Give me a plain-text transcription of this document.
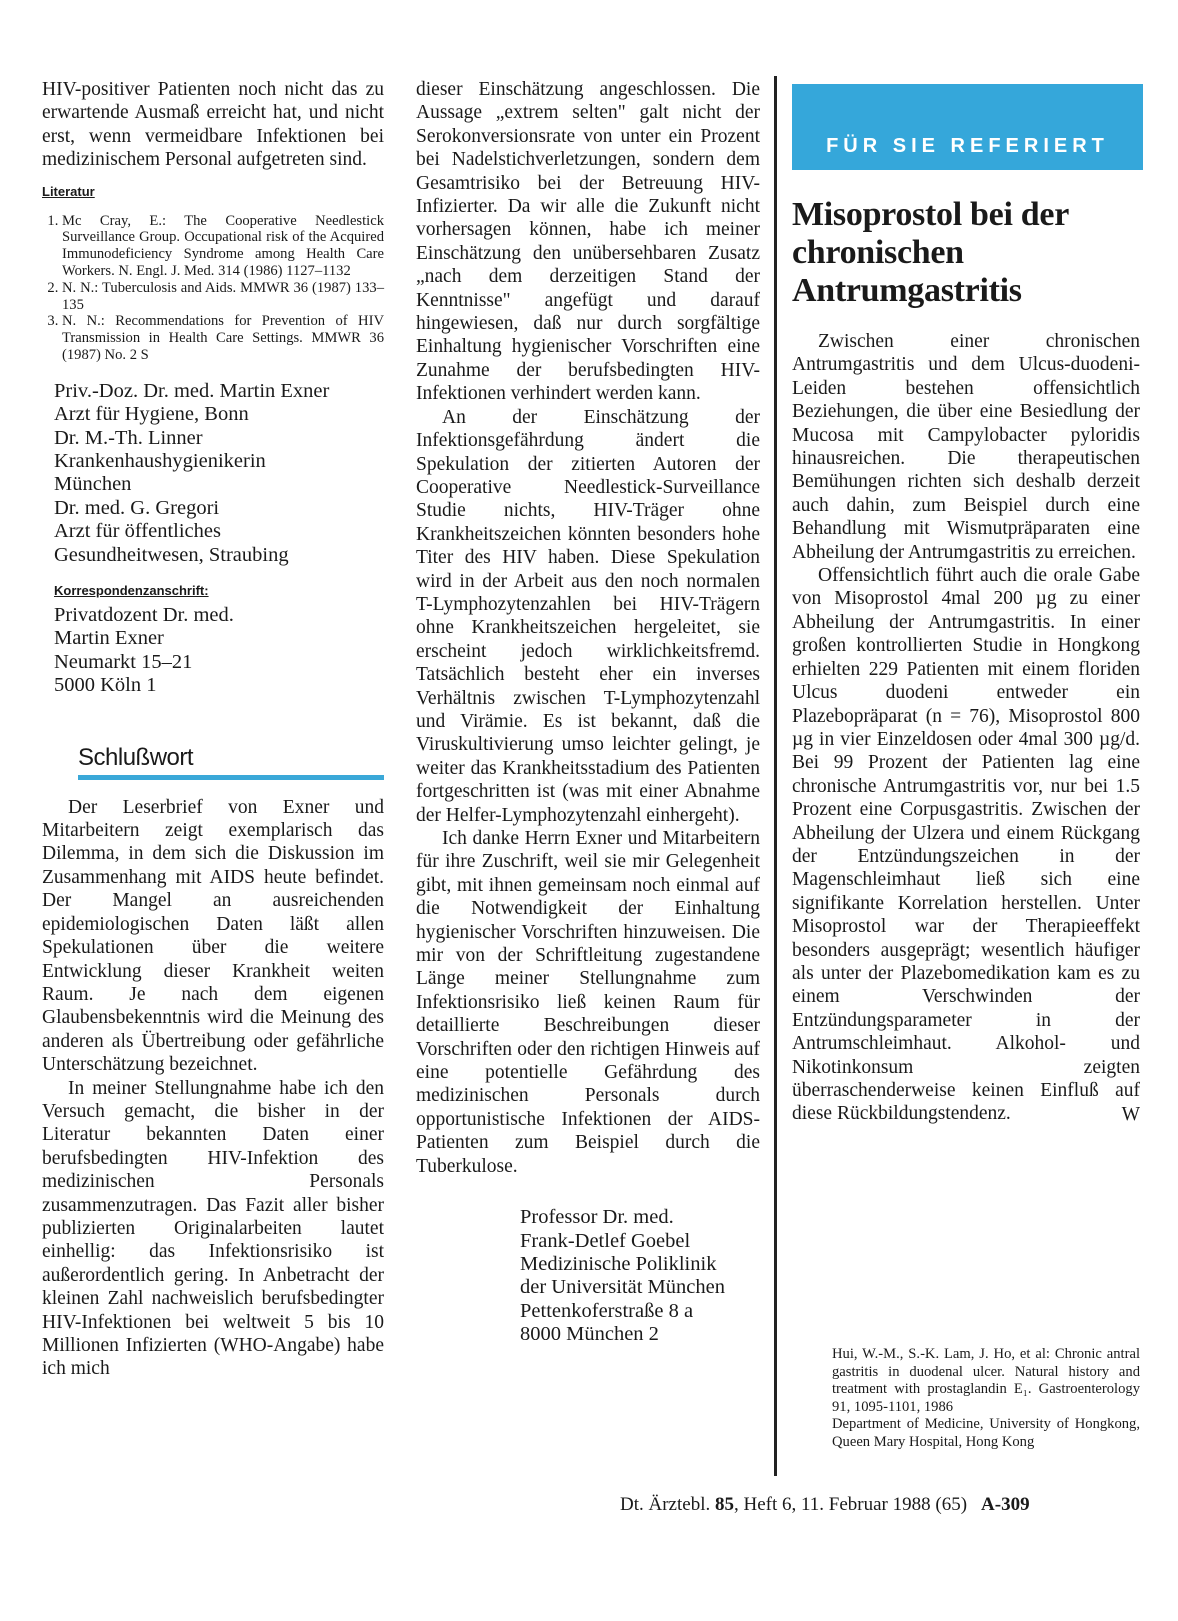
HIV-positiver Patienten noch nicht das zu erwartende Ausmaß erreicht hat, und nicht erst, wenn vermeidbare Infektionen bei medizinischem Personal aufgetreten sind.

Literatur
1. Mc Cray, E.: The Cooperative Needlestick Surveillance Group. Occupational risk of the Acquired Immunodeficiency Syndrome among Health Care Workers. N. Engl. J. Med. 314 (1986) 1127–1132
2. N. N.: Tuberculosis and Aids. MMWR 36 (1987) 133–135
3. N. N.: Recommendations for Prevention of HIV Transmission in Health Care Settings. MMWR 36 (1987) No. 2 S
Priv.-Doz. Dr. med. Martin Exner
Arzt für Hygiene, Bonn
Dr. M.-Th. Linner
Krankenhaushygienikerin
München
Dr. med. G. Gregori
Arzt für öffentliches
Gesundheitwesen, Straubing
Korrespondenzanschrift:
Privatdozent Dr. med.
Martin Exner
Neumarkt 15–21
5000 Köln 1
Schlußwort

Der Leserbrief von Exner und Mitarbeitern zeigt exemplarisch das Dilemma, in dem sich die Diskussion im Zusammenhang mit AIDS heute befindet. Der Mangel an ausreichenden epidemiologischen Daten läßt allen Spekulationen über die weitere Entwicklung dieser Krankheit weiten Raum. Je nach dem eigenen Glaubensbekenntnis wird die Meinung des anderen als Übertreibung oder gefährliche Unterschätzung bezeichnet.

In meiner Stellungnahme habe ich den Versuch gemacht, die bisher in der Literatur bekannten Daten einer berufsbedingten HIV-Infektion des medizinischen Personals zusammenzutragen. Das Fazit aller bisher publizierten Originalarbeiten lautet einhellig: das Infektionsrisiko ist außerordentlich gering. In Anbetracht der kleinen Zahl nachweislich berufsbedingter HIV-Infektionen bei weltweit 5 bis 10 Millionen Infizierten (WHO-Angabe) habe ich mich

dieser Einschätzung angeschlossen. Die Aussage „extrem selten" galt nicht der Serokonversionsrate von unter ein Prozent bei Nadelstichverletzungen, sondern dem Gesamtrisiko bei der Betreuung HIV-Infizierter. Da wir alle die Zukunft nicht vorhersagen können, habe ich meiner Einschätzung den unübersehbaren Zusatz „nach dem derzeitigen Stand der Kenntnisse" angefügt und darauf hingewiesen, daß nur durch sorgfältige Einhaltung hygienischer Vorschriften eine Zunahme der berufsbedingten HIV-Infektionen verhindert werden kann.

An der Einschätzung der Infektionsgefährdung ändert die Spekulation der zitierten Autoren der Cooperative Needlestick-Surveillance Studie nichts, HIV-Träger ohne Krankheitszeichen könnten besonders hohe Titer des HIV haben. Diese Spekulation wird in der Arbeit aus den noch normalen T-Lymphozytenzahlen bei HIV-Trägern ohne Krankheitszeichen hergeleitet, sie erscheint jedoch wirklichkeitsfremd. Tatsächlich besteht eher ein inverses Verhältnis zwischen T-Lymphozytenzahl und Virämie. Es ist bekannt, daß die Viruskultivierung umso leichter gelingt, je weiter das Krankheitsstadium des Patienten fortgeschritten ist (was mit einer Abnahme der Helfer-Lymphozytenzahl einhergeht).

Ich danke Herrn Exner und Mitarbeitern für ihre Zuschrift, weil sie mir Gelegenheit gibt, mit ihnen gemeinsam noch einmal auf die Notwendigkeit der Einhaltung hygienischer Vorschriften hinzuweisen. Die mir von der Schriftleitung zugestandene Länge meiner Stellungnahme zum Infektionsrisiko ließ keinen Raum für detaillierte Beschreibungen dieser Vorschriften oder den richtigen Hinweis auf eine potentielle Gefährdung des medizinischen Personals durch opportunistische Infektionen der AIDS-Patienten zum Beispiel durch die Tuberkulose.

Professor Dr. med.
Frank-Detlef Goebel
Medizinische Poliklinik
der Universität München
Pettenkoferstraße 8 a
8000 München 2
FÜR SIE REFERIERT
Misoprostol bei der chronischen Antrumgastritis

Zwischen einer chronischen Antrumgastritis und dem Ulcus-duodeni-Leiden bestehen offensichtlich Beziehungen, die über eine Besiedlung der Mucosa mit Campylobacter pyloridis hinausreichen. Die therapeutischen Bemühungen richten sich deshalb derzeit auch dahin, zum Beispiel durch eine Behandlung mit Wismutpräparaten eine Abheilung der Antrumgastritis zu erreichen.

Offensichtlich führt auch die orale Gabe von Misoprostol 4mal 200 µg zu einer Abheilung der Antrumgastritis. In einer großen kontrollierten Studie in Hongkong erhielten 229 Patienten mit einem floriden Ulcus duodeni entweder ein Plazebopräparat (n = 76), Misoprostol 800 µg in vier Einzeldosen oder 4mal 300 µg/d. Bei 99 Prozent der Patienten lag eine chronische Antrumgastritis vor, nur bei 1.5 Prozent eine Corpusgastritis. Zwischen der Abheilung der Ulzera und einem Rückgang der Entzündungszeichen in der Magenschleimhaut ließ sich eine signifikante Korrelation herstellen. Unter Misoprostol war der Therapieeffekt besonders ausgeprägt; wesentlich häufiger als unter der Plazebomedikation kam es zu einem Verschwinden der Entzündungsparameter in der Antrumschleimhaut. Alkohol- und Nikotinkonsum zeigten überraschenderweise keinen Einfluß auf diese Rückbildungstendenz.	W

Hui, W.-M., S.-K. Lam, J. Ho, et al: Chronic antral gastritis in duodenal ulcer. Natural history and treatment with prostaglandin E₁. Gastroenterology 91, 1095-1101, 1986

Department of Medicine, University of Hongkong, Queen Mary Hospital, Hong Kong

Dt. Ärztebl. 85, Heft 6, 11. Februar 1988 (65) A-309
